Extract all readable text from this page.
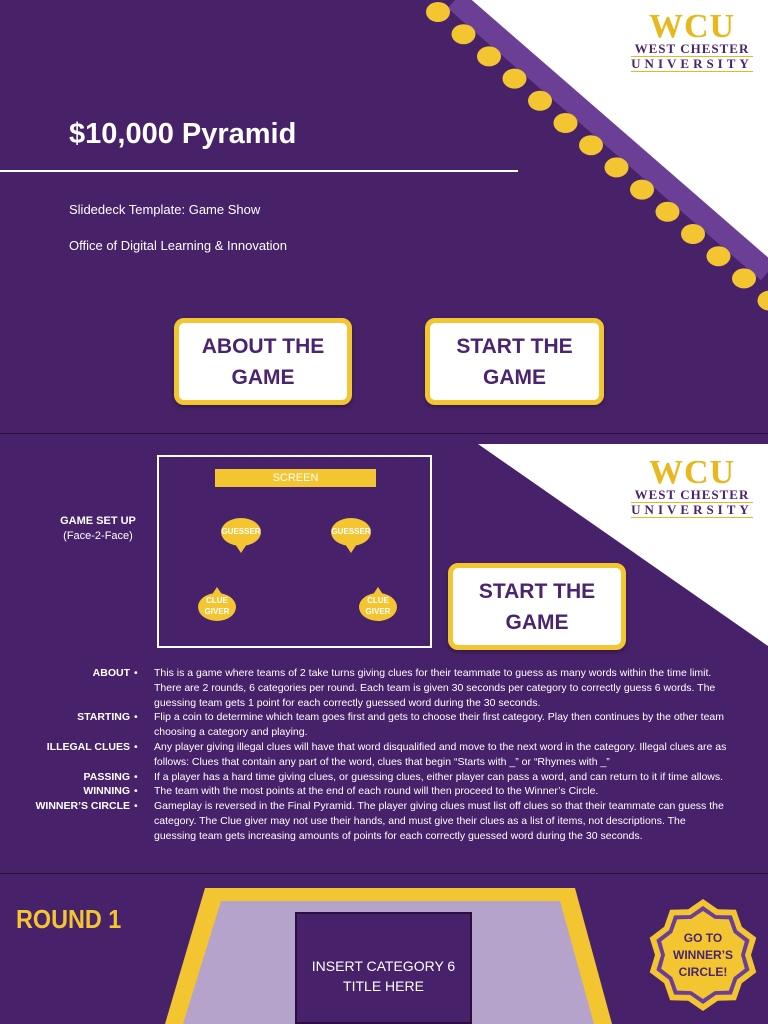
WCU
WEST CHESTER
UNIVERSITY
$10,000 Pyramid
Slidedeck Template: Game Show
Office of Digital Learning & Innovation
ABOUT THE GAME
START THE GAME
WCU
WEST CHESTER
UNIVERSITY
GAME SET UP
(Face-2-Face)
SCREEN
GUESSER	GUESSER
CLUE GIVER
CLUE GIVER
START THE GAME
ABOUT •	This is a game where teams of 2 take turns giving clues for their teammate to guess as many words within the time limit. There are 2 rounds, 6 categories per round. Each team is given 30 seconds per category to correctly guess 6 words. The guessing team gets 1 point for each correctly guessed word during the 30 seconds.
STARTING •	Flip a coin to determine which team goes first and gets to choose their first category. Play then continues by the other team choosing a category and playing.
ILLEGAL CLUES •	Any player giving illegal clues will have that word disqualified and move to the next word in the category. Illegal clues are as follows: Clues that contain any part of the word, clues that begin “Starts with _” or “Rhymes with _”
PASSING •	If a player has a hard time giving clues, or guessing clues, either player can pass a word, and can return to it if time allows.
WINNING •	The team with the most points at the end of each round will then proceed to the Winner’s Circle.
WINNER’S CIRCLE •	Gameplay is reversed in the Final Pyramid. The player giving clues must list off clues so that their teammate can guess the category. The Clue giver may not use their hands, and must give their clues as a list of items, not descriptions. The guessing team gets increasing amounts of points for each correctly guessed word during the 30 seconds.
ROUND 1
INSERT CATEGORY 6 TITLE HERE
GO TO WINNER’S CIRCLE!
